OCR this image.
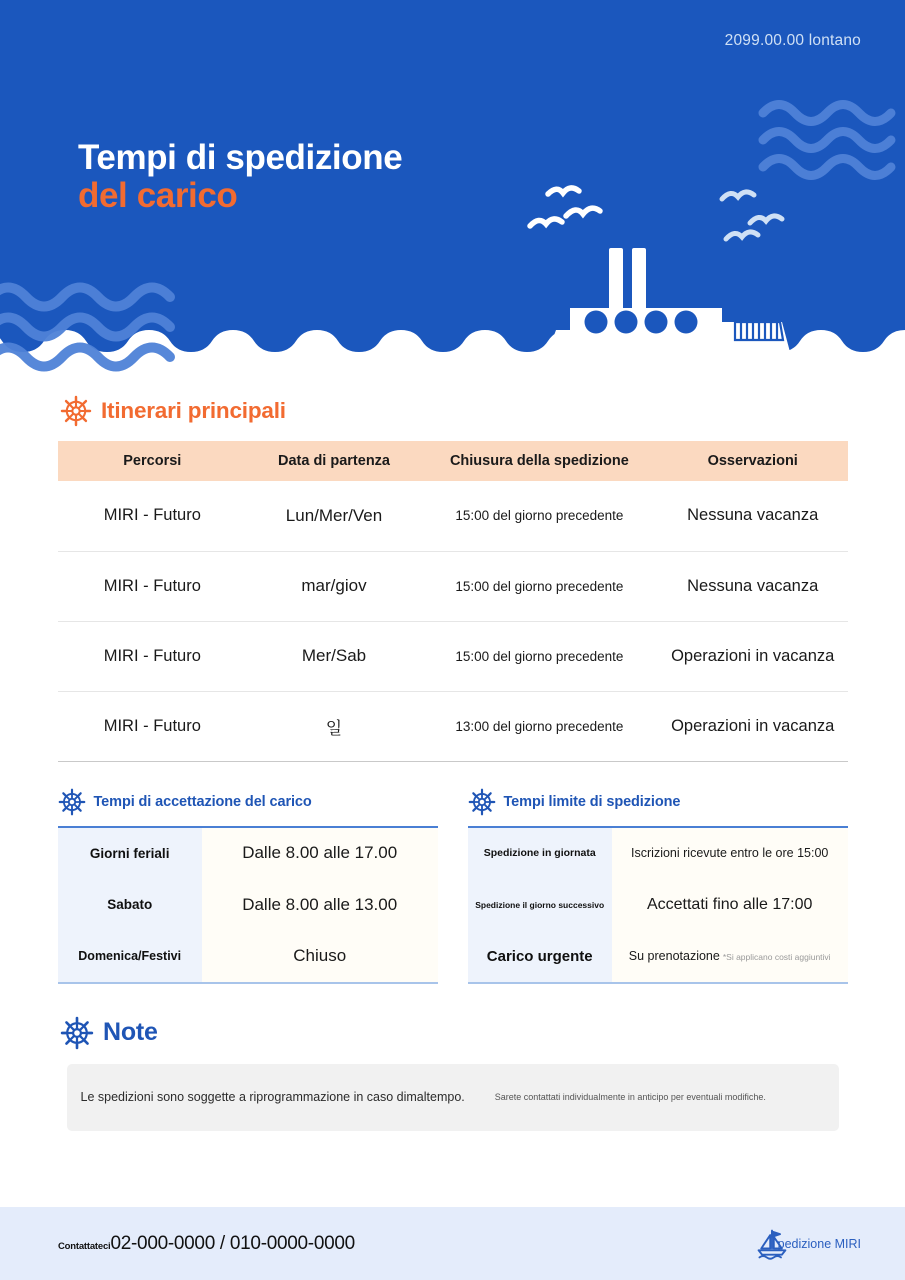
2099.00.00 lontano
Tempi di spedizione
del carico
Itinerari principali
Percorsi	Data di partenza	Chiusura della spedizione	Osservazioni
MIRI - Futuro	Lun/Mer/Ven	15:00 del giorno precedente	Nessuna vacanza
MIRI - Futuro	mar/giov	15:00 del giorno precedente	Nessuna vacanza
MIRI - Futuro	Mer/Sab	15:00 del giorno precedente	Operazioni in vacanza
MIRI - Futuro	일	13:00 del giorno precedente	Operazioni in vacanza
Tempi di accettazione del carico
Giorni feriali	Dalle 8.00 alle 17.00
Sabato	Dalle 8.00 alle 13.00
Domenica/Festivi	Chiuso
Tempi limite di spedizione
Spedizione in giornata	Iscrizioni ricevute entro le ore 15:00
Spedizione il giorno successivo	Accettati fino alle 17:00
Carico urgente	Su prenotazione *Si applicano costi aggiuntivi
Note
Le spedizioni sono soggette a riprogrammazione in caso dimaltempo.	Sarete contattati individualmente in anticipo per eventuali modifiche.
Contattateci 02-000-0000 / 010-0000-0000	pedizione MIRI
